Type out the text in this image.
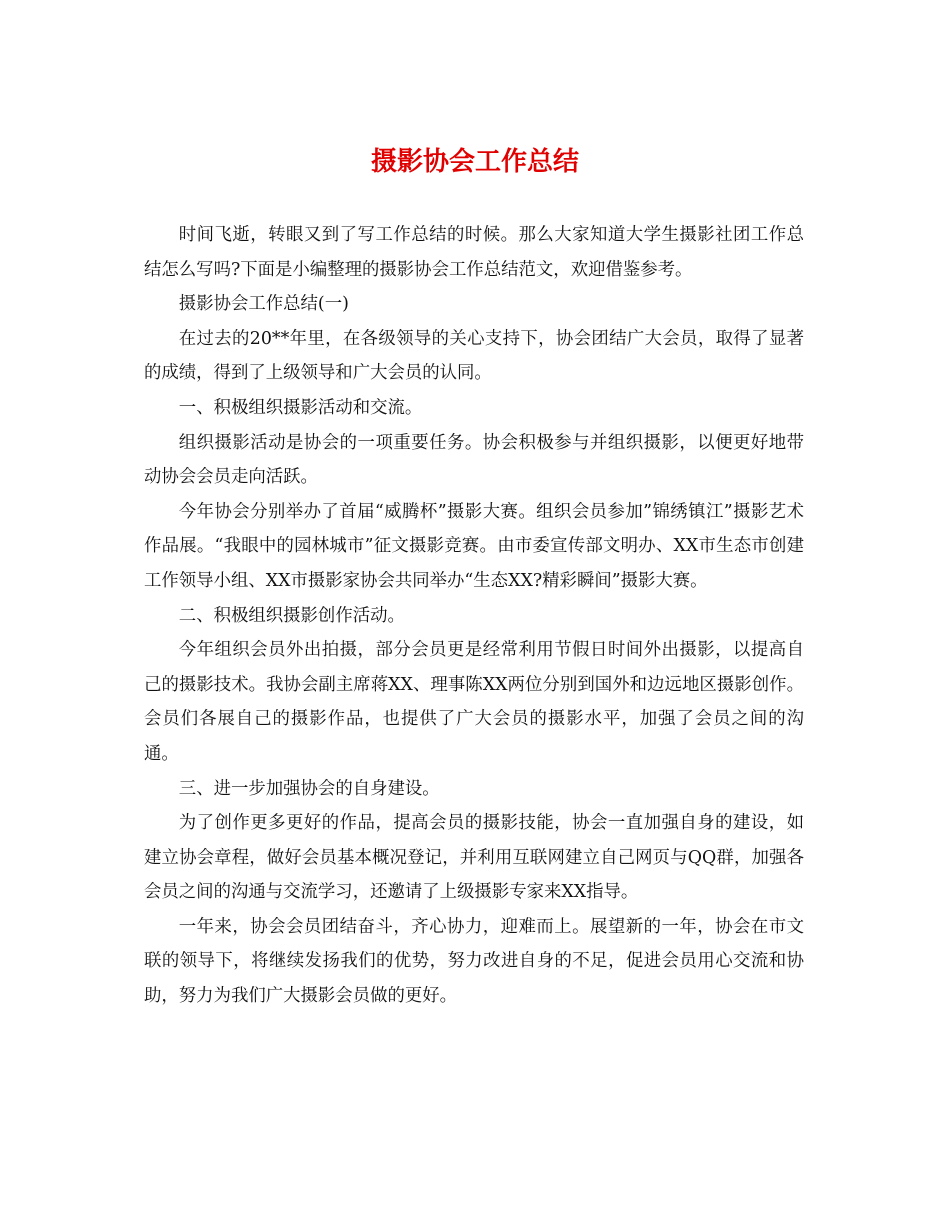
摄影协会工作总结

时间飞逝，转眼又到了写工作总结的时候。那么大家知道大学生摄影社团工作总结怎么写吗?下面是小编整理的摄影协会工作总结范文，欢迎借鉴参考。

摄影协会工作总结(一)

在过去的20**年里，在各级领导的关心支持下，协会团结广大会员，取得了显著的成绩，得到了上级领导和广大会员的认同。

一、积极组织摄影活动和交流。

组织摄影活动是协会的一项重要任务。协会积极参与并组织摄影，以便更好地带动协会会员走向活跃。

今年协会分别举办了首届“威腾杯”摄影大赛。组织会员参加”锦绣镇江”摄影艺术作品展。“我眼中的园林城市”征文摄影竞赛。由市委宣传部文明办、XX市生态市创建工作领导小组、XX市摄影家协会共同举办“生态XX?精彩瞬间”摄影大赛。

二、积极组织摄影创作活动。

今年组织会员外出拍摄，部分会员更是经常利用节假日时间外出摄影，以提高自己的摄影技术。我协会副主席蒋XX、理事陈XX两位分别到国外和边远地区摄影创作。会员们各展自己的摄影作品，也提供了广大会员的摄影水平，加强了会员之间的沟通。

三、进一步加强协会的自身建设。

为了创作更多更好的作品，提高会员的摄影技能，协会一直加强自身的建设，如建立协会章程，做好会员基本概况登记，并利用互联网建立自己网页与QQ群，加强各会员之间的沟通与交流学习，还邀请了上级摄影专家来XX指导。

一年来，协会会员团结奋斗，齐心协力，迎难而上。展望新的一年，协会在市文联的领导下，将继续发扬我们的优势，努力改进自身的不足，促进会员用心交流和协助，努力为我们广大摄影会员做的更好。
